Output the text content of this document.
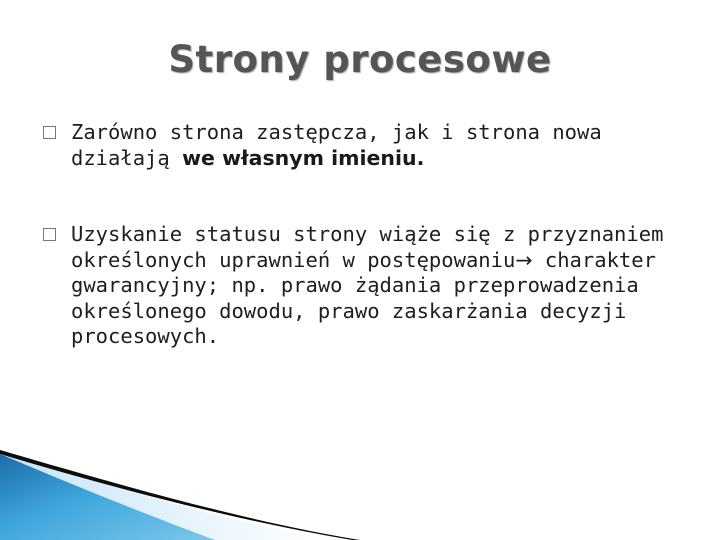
Strony procesowe
Zarówno strona zastępcza, jak i strona nowa działają we własnym imieniu.
Uzyskanie statusu strony wiąże się z przyznaniem określonych uprawnień w postępowaniu→ charakter gwarancyjny; np. prawo żądania przeprowadzenia określonego dowodu, prawo zaskarżania decyzji procesowych.
